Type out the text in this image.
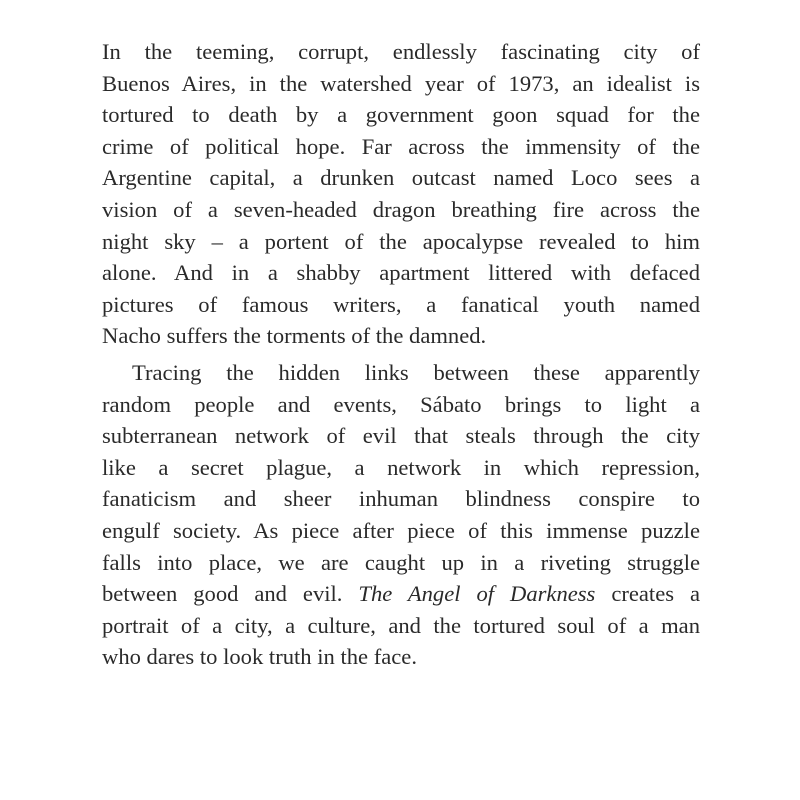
In the teeming, corrupt, endlessly fascinating city of
Buenos Aires, in the watershed year of 1973, an idealist is
tortured to death by a government goon squad for the
crime of political hope. Far across the immensity of the
Argentine capital, a drunken outcast named Loco sees a
vision of a seven-headed dragon breathing fire across the
night sky – a portent of the apocalypse revealed to him
alone. And in a shabby apartment littered with defaced
pictures of famous writers, a fanatical youth named
Nacho suffers the torments of the damned.

Tracing the hidden links between these apparently
random people and events, Sábato brings to light a
subterranean network of evil that steals through the city
like a secret plague, a network in which repression,
fanaticism and sheer inhuman blindness conspire to
engulf society. As piece after piece of this immense puzzle
falls into place, we are caught up in a riveting struggle
between good and evil. The Angel of Darkness creates a
portrait of a city, a culture, and the tortured soul of a man
who dares to look truth in the face.
